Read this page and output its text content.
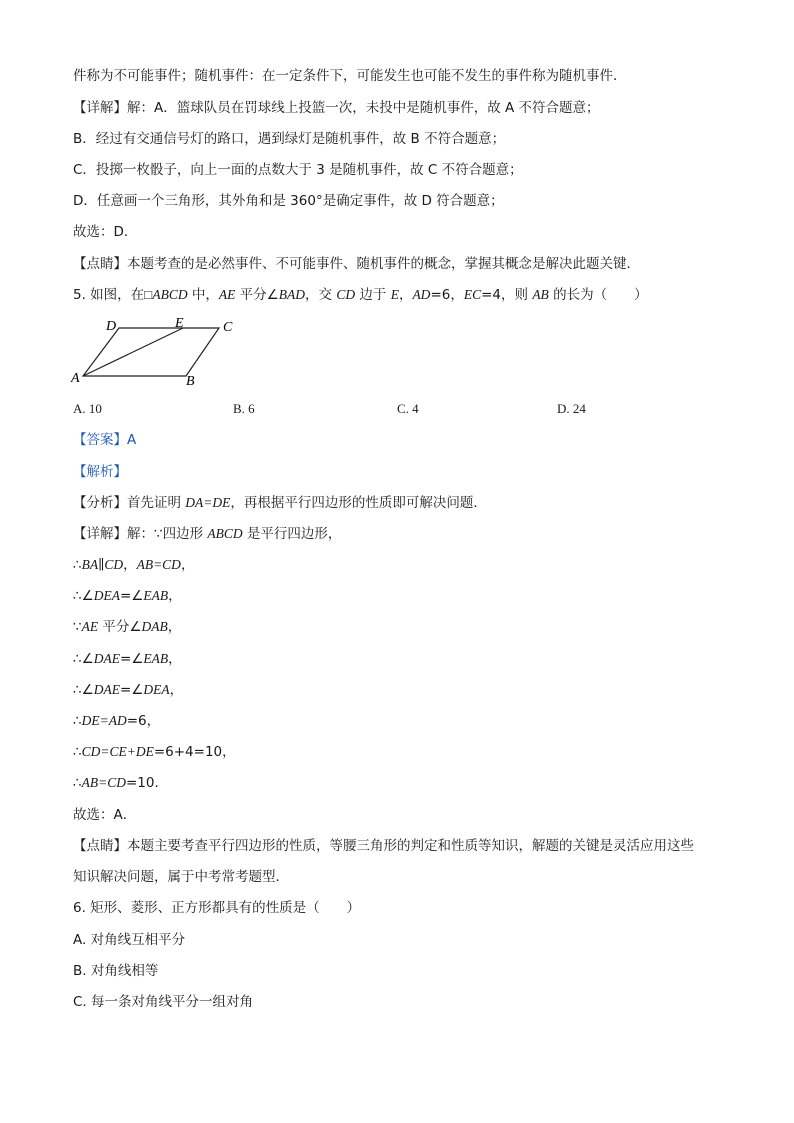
件称为不可能事件；随机事件：在一定条件下，可能发生也可能不发生的事件称为随机事件．
【详解】解：A．篮球队员在罚球线上投篮一次，未投中是随机事件，故 A 不符合题意；
B．经过有交通信号灯的路口，遇到绿灯是随机事件，故 B 不符合题意；
C．投掷一枚骰子，向上一面的点数大于 3 是随机事件，故 C 不符合题意；
D．任意画一个三角形，其外角和是 360°是确定事件，故 D 符合题意；
故选：D．
【点睛】本题考查的是必然事件、不可能事件、随机事件的概念，掌握其概念是解决此题关键．
5. 如图，在□ABCD 中，AE 平分∠BAD，交 CD 边于 E，AD=6，EC=4，则 AB 的长为（　　）
D	E	C
A	B
A. 10	B. 6	C. 4	D. 24
【答案】A
【解析】
【分析】首先证明 DA=DE，再根据平行四边形的性质即可解决问题．
【详解】解：∵四边形 ABCD 是平行四边形，
∴BA∥CD，AB=CD，
∴∠DEA=∠EAB，
∵AE 平分∠DAB，
∴∠DAE=∠EAB，
∴∠DAE=∠DEA，
∴DE=AD=6，
∴CD=CE+DE=6+4=10，
∴AB=CD=10．
故选：A．
【点睛】本题主要考查平行四边形的性质，等腰三角形的判定和性质等知识，解题的关键是灵活应用这些
知识解决问题，属于中考常考题型．
6. 矩形、菱形、正方形都具有的性质是（　　）
A. 对角线互相平分
B. 对角线相等
C. 每一条对角线平分一组对角
